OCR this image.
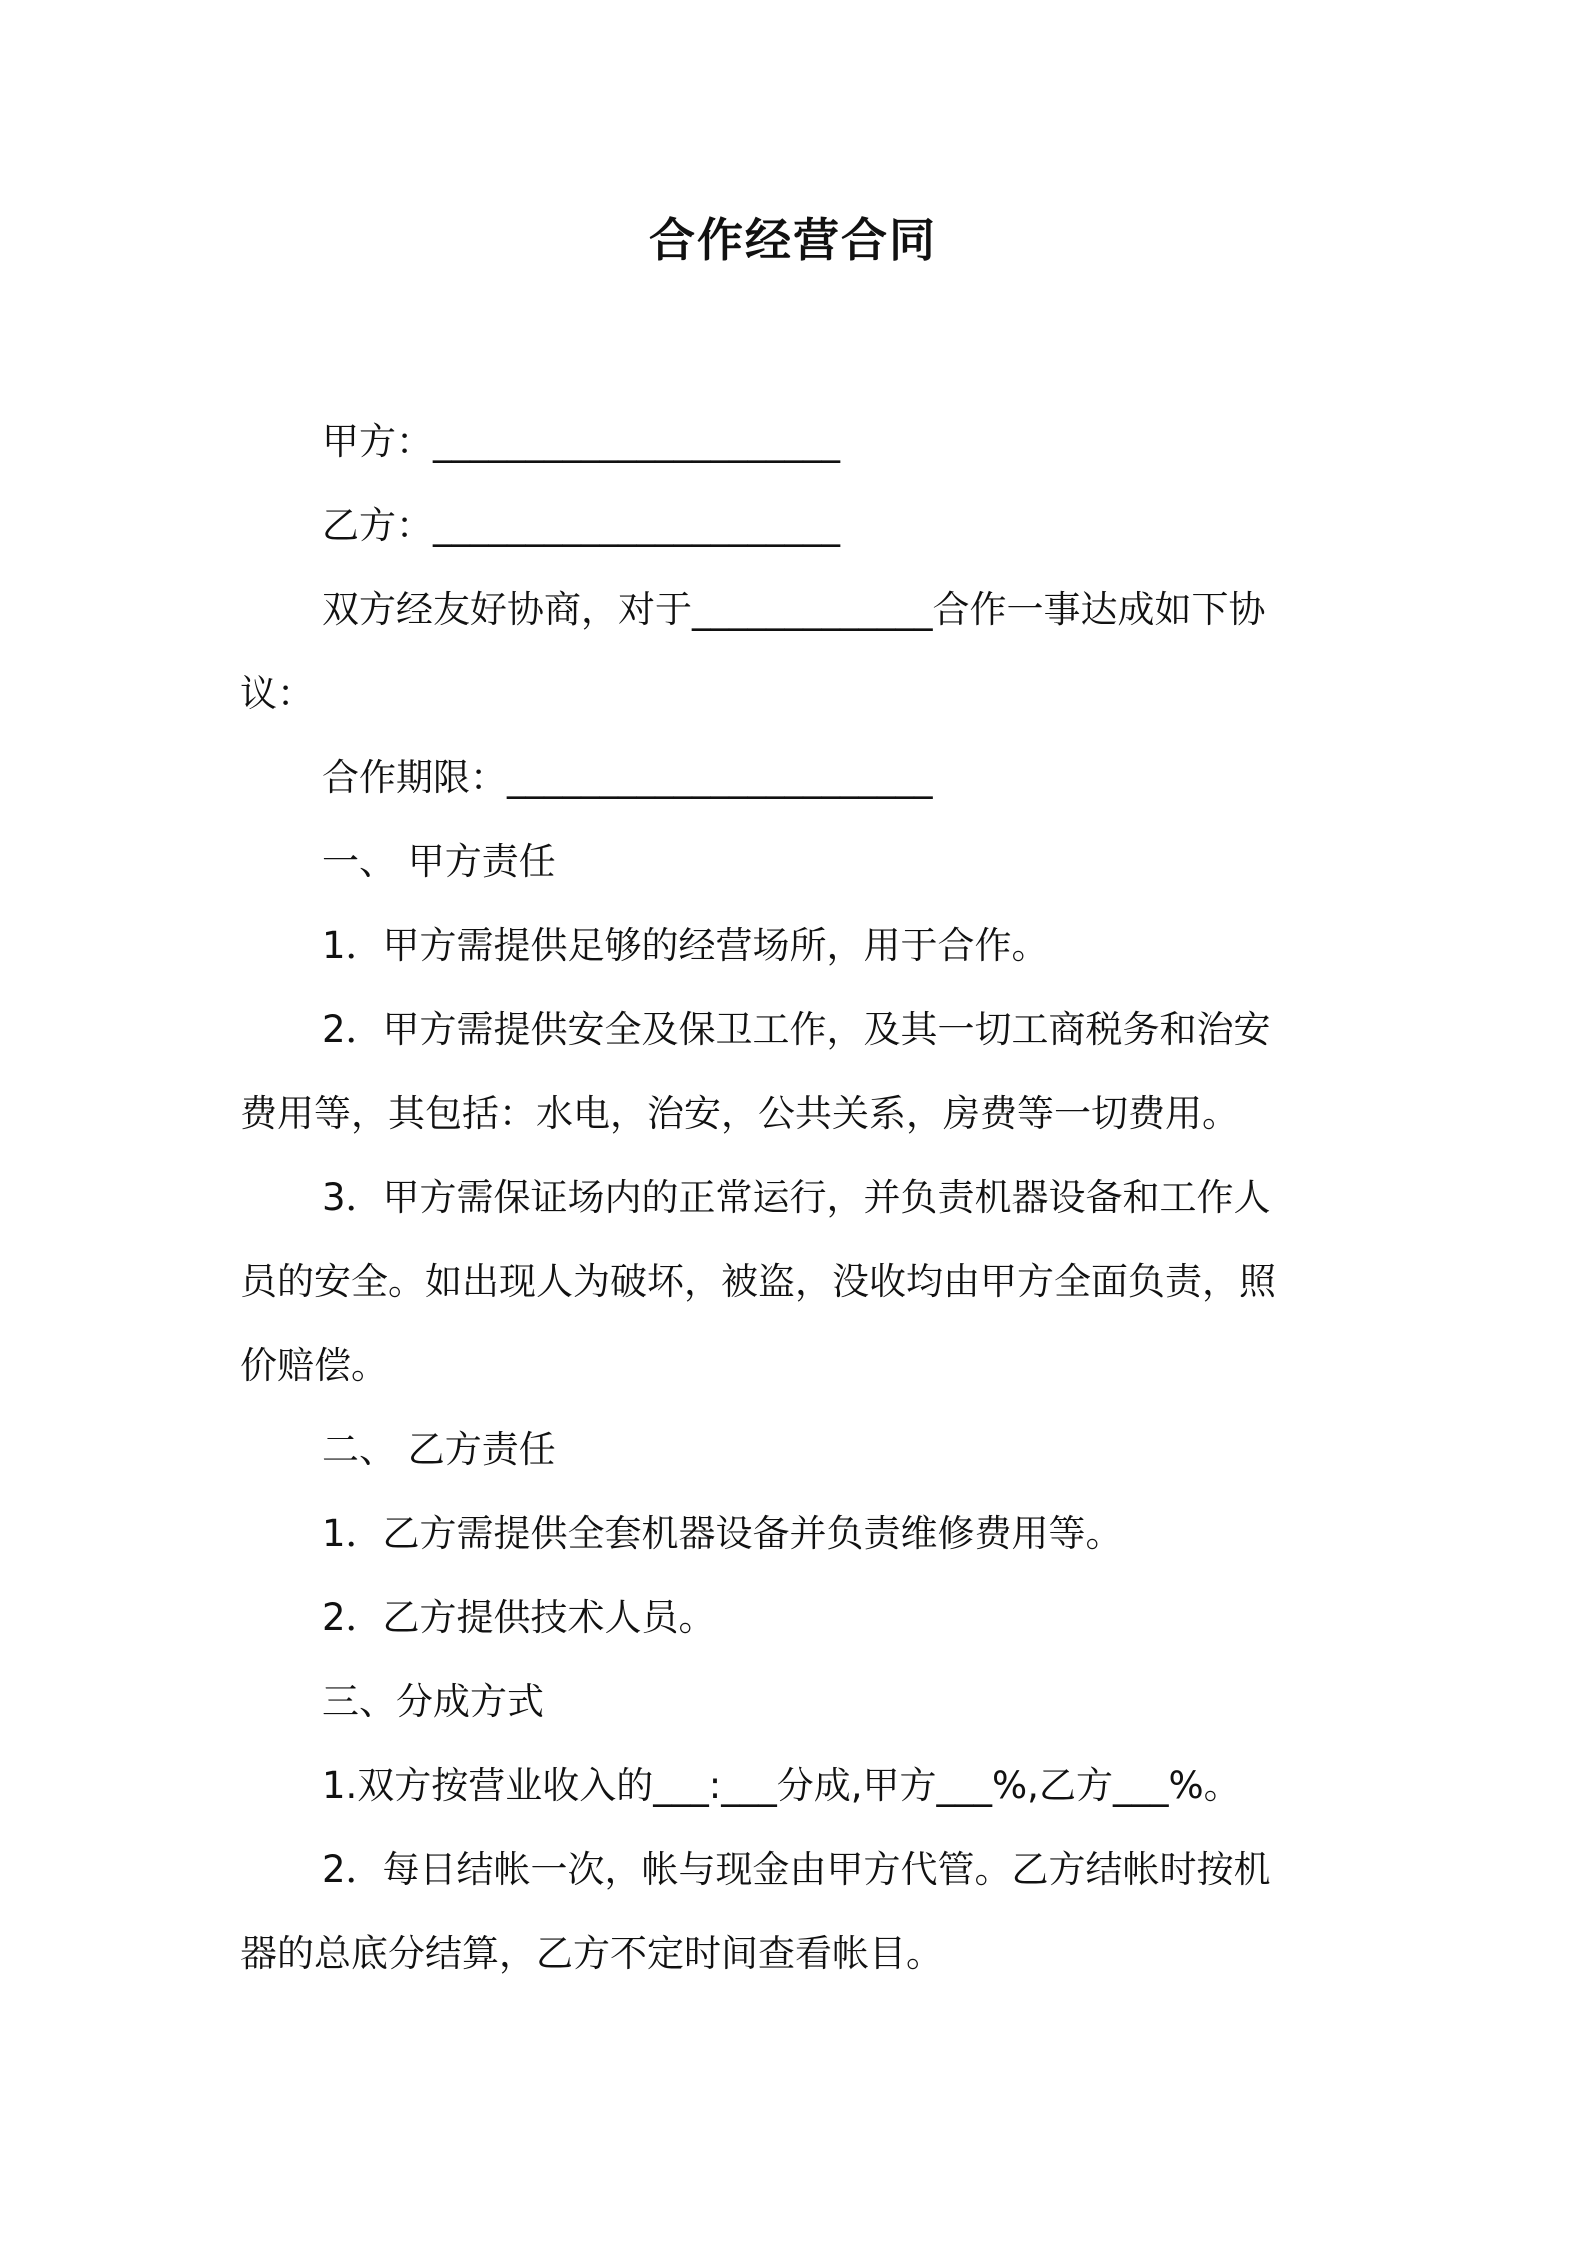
合作经营合同
甲方：______________________
乙方：______________________
双方经友好协商，对于_____________合作一事达成如下协
议：
合作期限：_______________________
一、 甲方责任
1．甲方需提供足够的经营场所，用于合作。
2．甲方需提供安全及保卫工作，及其一切工商税务和治安
费用等，其包括：水电，治安，公共关系，房费等一切费用。
3．甲方需保证场内的正常运行，并负责机器设备和工作人
员的安全。如出现人为破坏，被盗，没收均由甲方全面负责，照
价赔偿。
二、 乙方责任
1．乙方需提供全套机器设备并负责维修费用等。
2．乙方提供技术人员。
三、分成方式
1.双方按营业收入的___:___分成,甲方___%,乙方___%。
2．每日结帐一次，帐与现金由甲方代管。乙方结帐时按机
器的总底分结算，乙方不定时间查看帐目。
